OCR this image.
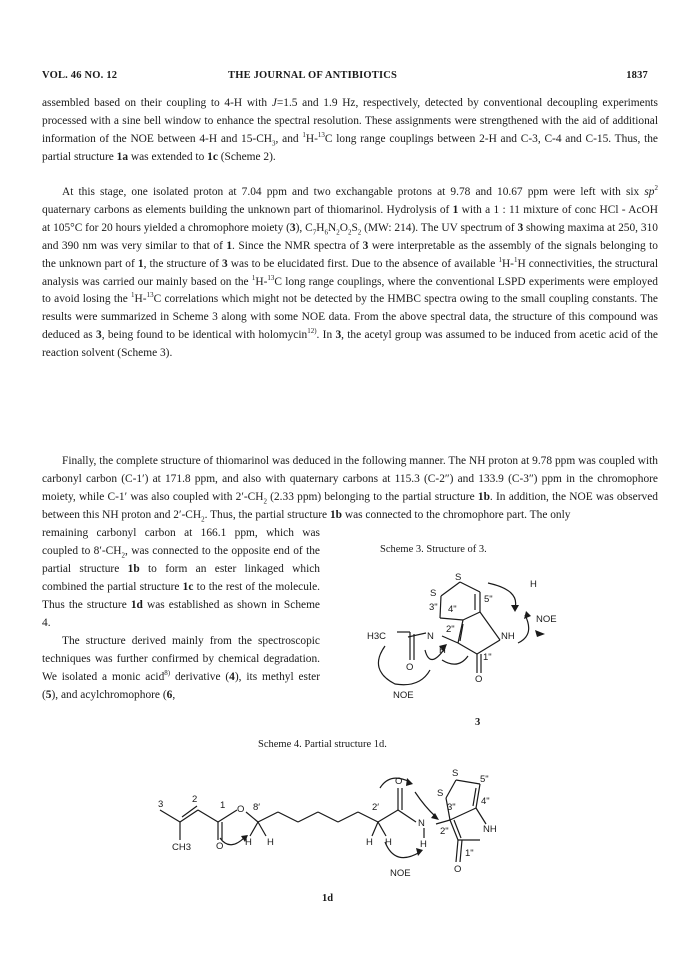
VOL. 46 NO. 12	THE JOURNAL OF ANTIBIOTICS	1837

assembled based on their coupling to 4-H with J=1.5 and 1.9 Hz, respectively, detected by conventional decoupling experiments processed with a sine bell window to enhance the spectral resolution. These assignments were strengthened with the aid of additional information of the NOE between 4-H and $15-CH_3$, and $^1$H-$^{13}$C long range couplings between 2-H and C-3, C-4 and C-15. Thus, the partial structure 1a was extended to 1c (Scheme 2).

At this stage, one isolated proton at 7.04 ppm and two exchangable protons at 9.78 and 10.67 ppm were left with six $sp^2$ quaternary carbons as elements building the unknown part of thiomarinol. Hydrolysis of 1 with a 1 : 11 mixture of conc HCl - AcOH at 105°C for 20 hours yielded a chromophore moiety (3), $C_7H_6N_2O_2S_2$ (MW: 214). The UV spectrum of 3 showing maxima at 250, 310 and 390 nm was very similar to that of 1. Since the NMR spectra of 3 were interpretable as the assembly of the signals belonging to the unknown part of 1, the structure of 3 was to be elucidated first. Due to the absence of available $^1$H-$^1$H connectivities, the structural analysis was carried our mainly based on the $^1$H-$^{13}$C long range couplings, where the conventional LSPD experiments were employed to avoid losing the $^1$H-$^{13}$C correlations which might not be detected by the HMBC spectra owing to the small coupling constants. The results were summarized in Scheme 3 along with some NOE data. From the above spectral data, the structure of this compound was deduced as 3, being found to be identical with holomycin$^{12)}$. In 3, the acetyl group was assumed to be induced from acetic acid of the reaction solvent (Scheme 3).

Finally, the complete structure of thiomarinol was deduced in the following manner. The NH proton at 9.78 ppm was coupled with carbonyl carbon (C-1′) at 171.8 ppm, and also with quaternary carbons at 115.3 (C-2″) and 133.9 (C-3″) ppm in the chromophore moiety, while C-1′ was also coupled with $2'-CH_2$ (2.33 ppm) belonging to the partial structure 1b. In addition, the NOE was observed between this NH proton and $2'-CH_2$. Thus, the partial structure 1b was connected to the chromophore part. The only

remaining carbonyl carbon at 166.1 ppm, which was coupled to $8'-CH_2$, was connected to the opposite end of the partial structure 1b to form an ester linkaged which combined the partial structure 1c to the rest of the molecule. Thus the structure 1d was established as shown in Scheme 4.

The structure derived mainly from the spectroscopic techniques was further confirmed by chemical degradation. We isolated a monic acid$^{8)}$ derivative (4), its methyl ester (5), and acylchromophore (6,

Scheme 3. Structure of 3.
S
S
H
3" 4"
5"
2"
1"
H3C	N
H
NH
O
O
NOE
NOE
3
Scheme 4. Partial structure 1d.
3	2
1 O 8′	2′
CH3	O H H	H H	H
N
O
S
S
5"
3"
4"
2"	NH
1"
O
NOE
1d
